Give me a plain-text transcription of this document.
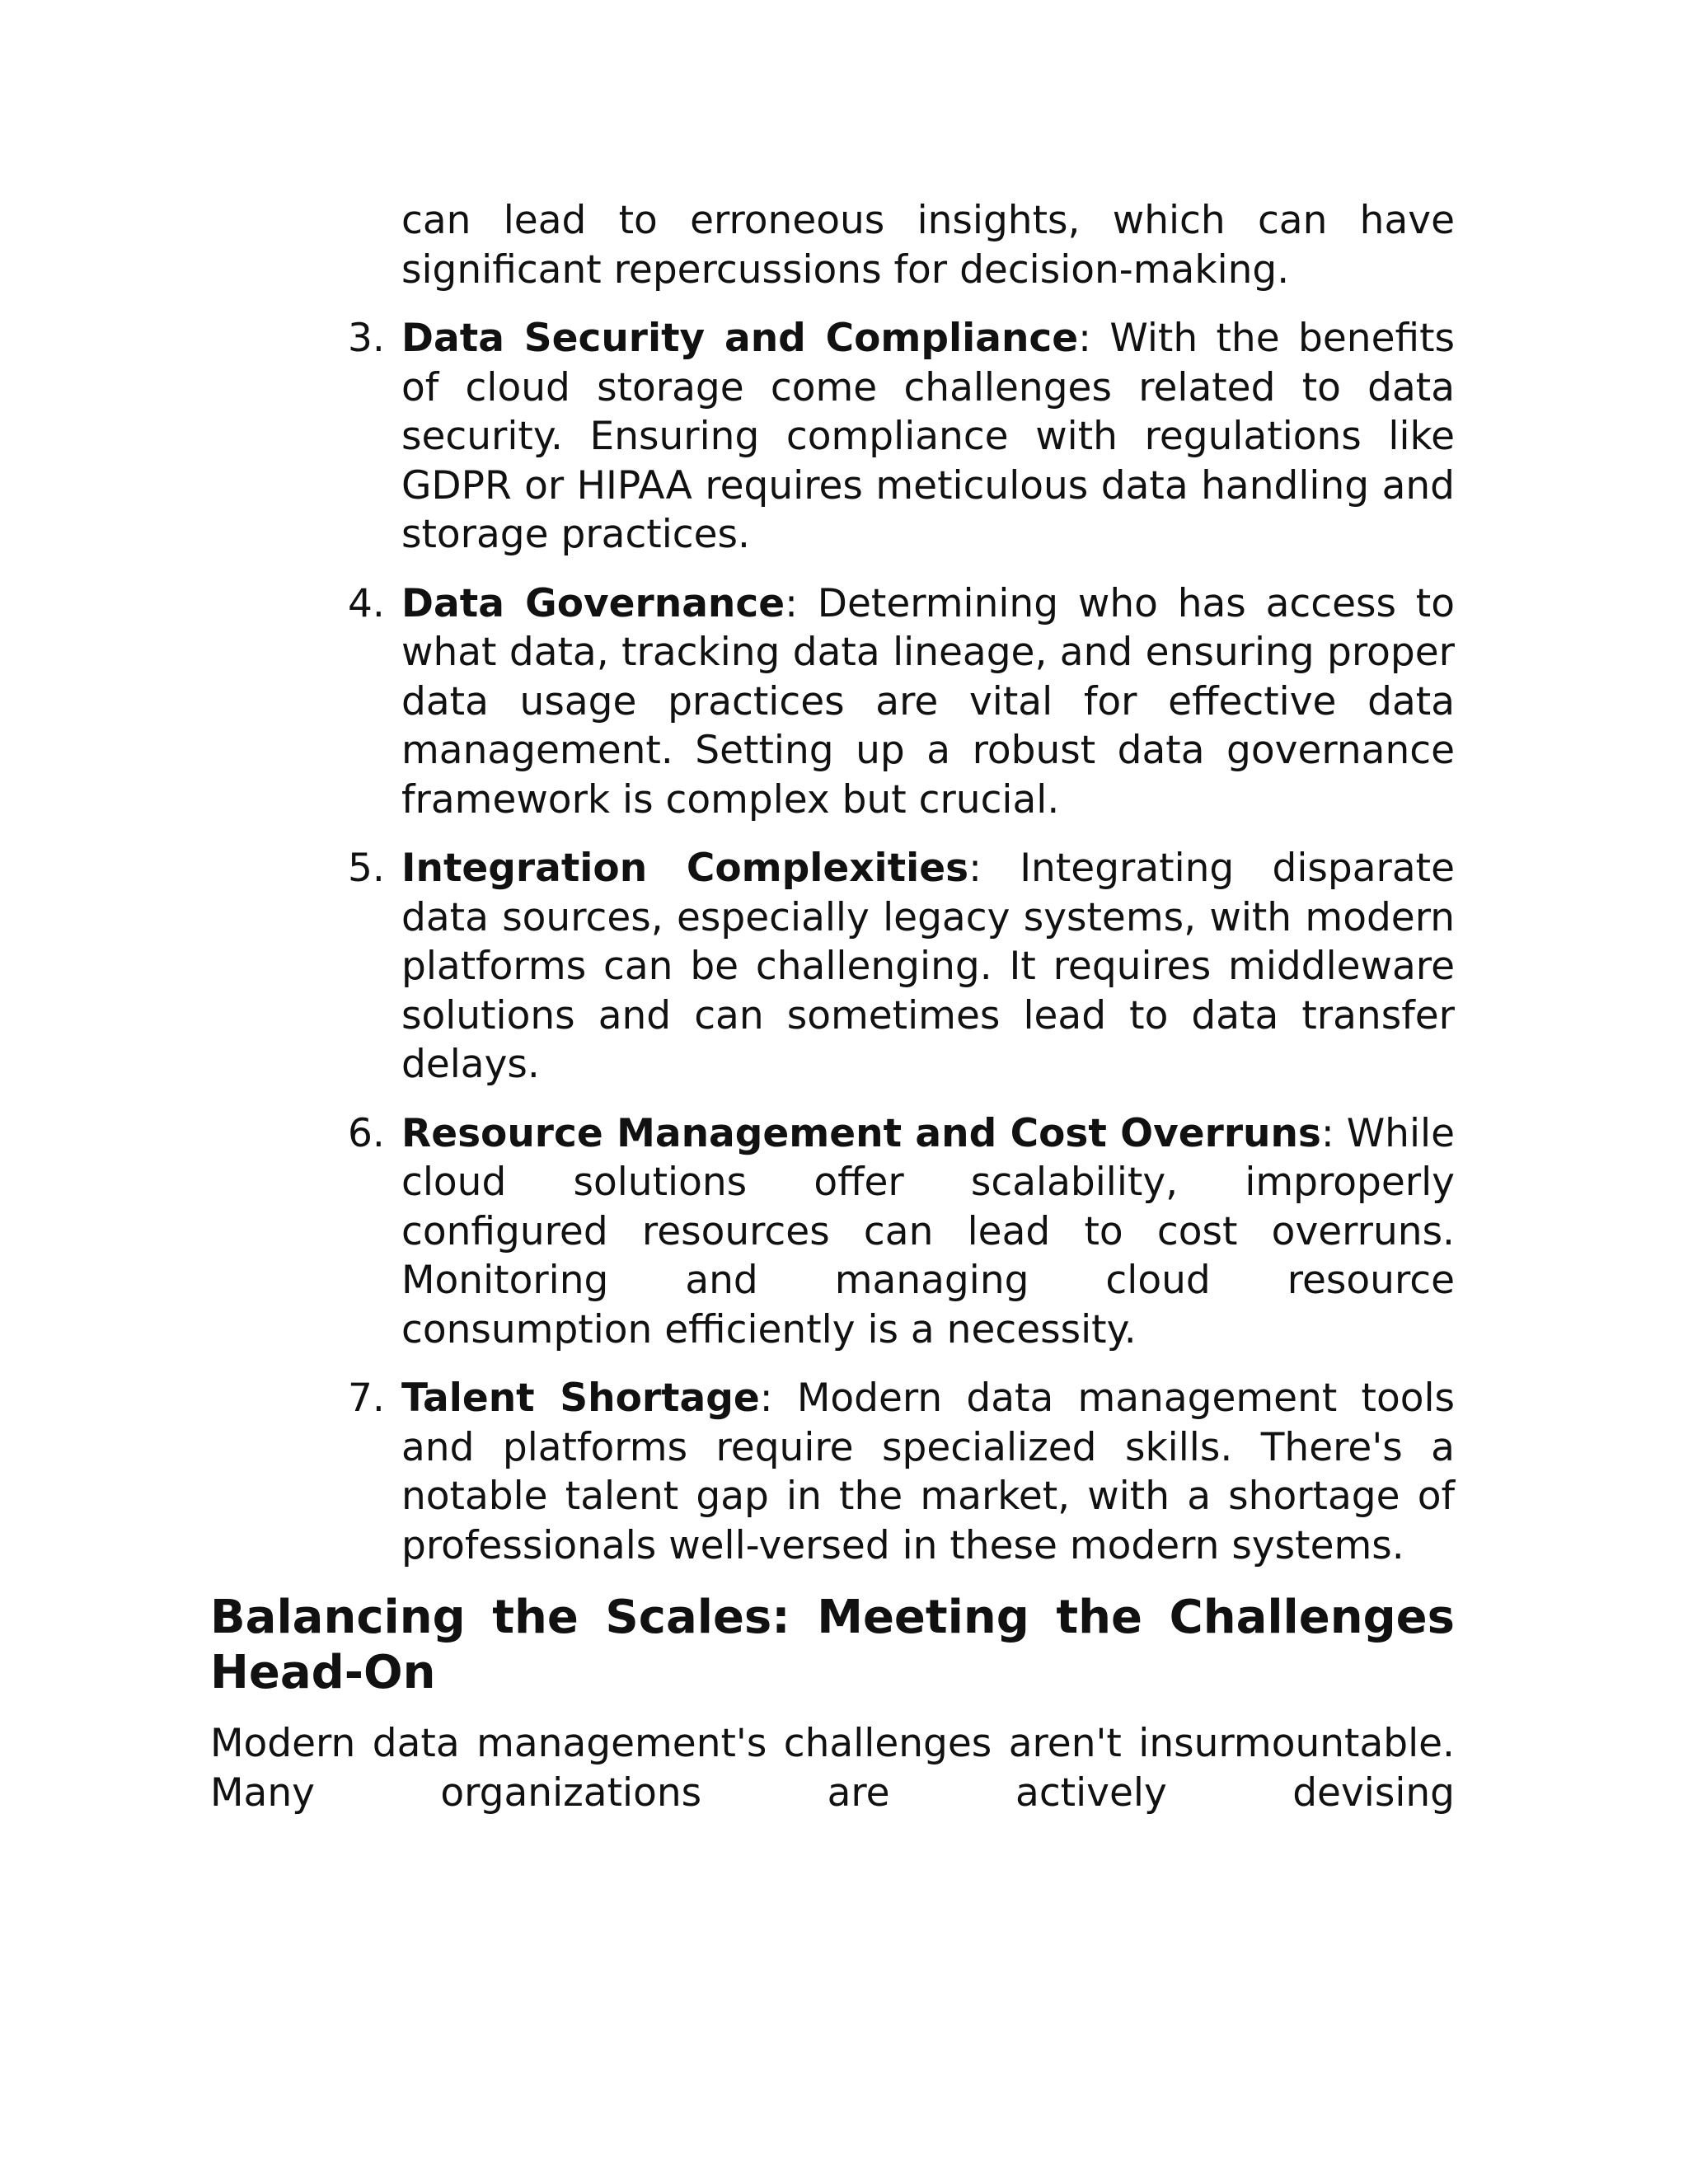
can lead to erroneous insights, which can have significant repercussions for decision-making.
3. Data Security and Compliance: With the benefits of cloud storage come challenges related to data security. Ensuring compliance with regulations like GDPR or HIPAA requires meticulous data handling and storage practices.
4. Data Governance: Determining who has access to what data, tracking data lineage, and ensuring proper data usage practices are vital for effective data management. Setting up a robust data governance framework is complex but crucial.
5. Integration Complexities: Integrating disparate data sources, especially legacy systems, with modern platforms can be challenging. It requires middleware solutions and can sometimes lead to data transfer delays.
6. Resource Management and Cost Overruns: While cloud solutions offer scalability, improperly configured resources can lead to cost overruns. Monitoring and managing cloud resource consumption efficiently is a necessity.
7. Talent Shortage: Modern data management tools and platforms require specialized skills. There's a notable talent gap in the market, with a shortage of professionals well-versed in these modern systems.
Balancing the Scales: Meeting the Challenges Head-On

Modern data management's challenges aren't insurmountable. Many organizations are actively devising
